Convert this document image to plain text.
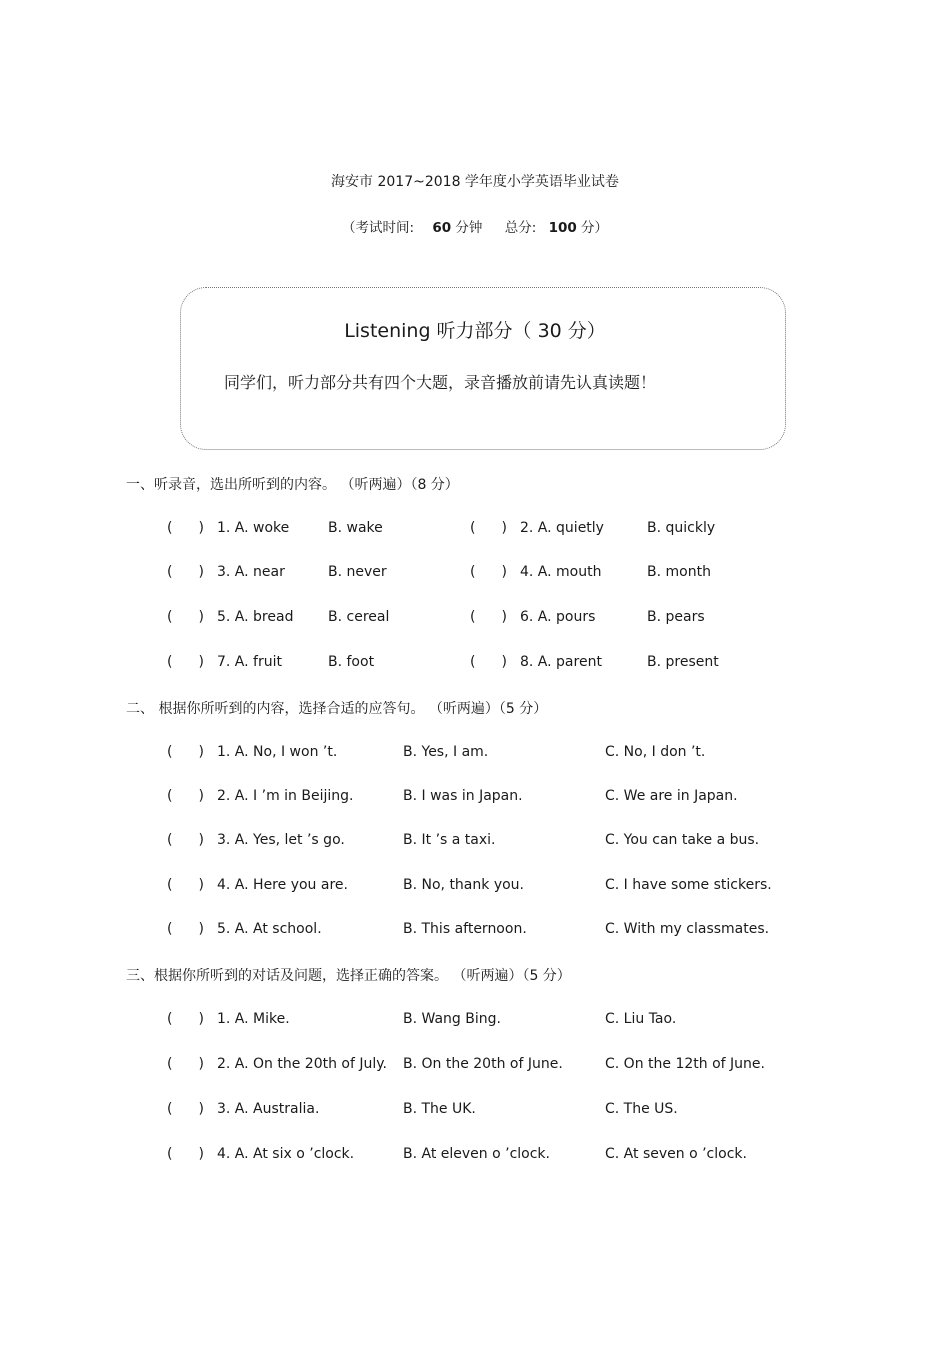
海安市 2017~2018 学年度小学英语毕业试卷
（考试时间: 60 分钟 总分: 100 分）
Listening 听力部分（ 30 分）
同学们，听力部分共有四个大题，录音播放前请先认真读题！
一、听录音，选出所听到的内容。 （听两遍）（8 分）
( ) 1. A. woke	B. wake	( ) 2. A. quietly	B. quickly
( ) 3. A. near	B. never	( ) 4. A. mouth	B. month
( ) 5. A. bread B. cereal	( ) 6. A. pours	B. pears
( ) 7. A. fruit	B. foot	( ) 8. A. parent	B. present
二、 根据你所听到的内容，选择合适的应答句。 （听两遍）（5 分）
( ) 1. A. No, I won ’t.	B. Yes, I am.	C. No, I don ’t.
( ) 2. A. I ’m in Beijing.	B. I was in Japan.	C. We are in Japan.
( ) 3. A. Yes, let ’s go.	B. It ’s a taxi.	C. You can take a bus.
( ) 4. A. Here you are.	B. No, thank you.	C. I have some stickers.
( ) 5. A. At school.	B. This afternoon.	C. With my classmates.
三、根据你所听到的对话及问题，选择正确的答案。 （听两遍）（5 分）
( ) 1. A. Mike.	B. Wang Bing.	C. Liu Tao.
( ) 2. A. On the 20th of July. B. On the 20th of June.	C. On the 12th of June.
( ) 3. A. Australia.	B. The UK.	C. The US.
( ) 4. A. At six o ’clock.	B. At eleven o ’clock.	C. At seven o ’clock.
